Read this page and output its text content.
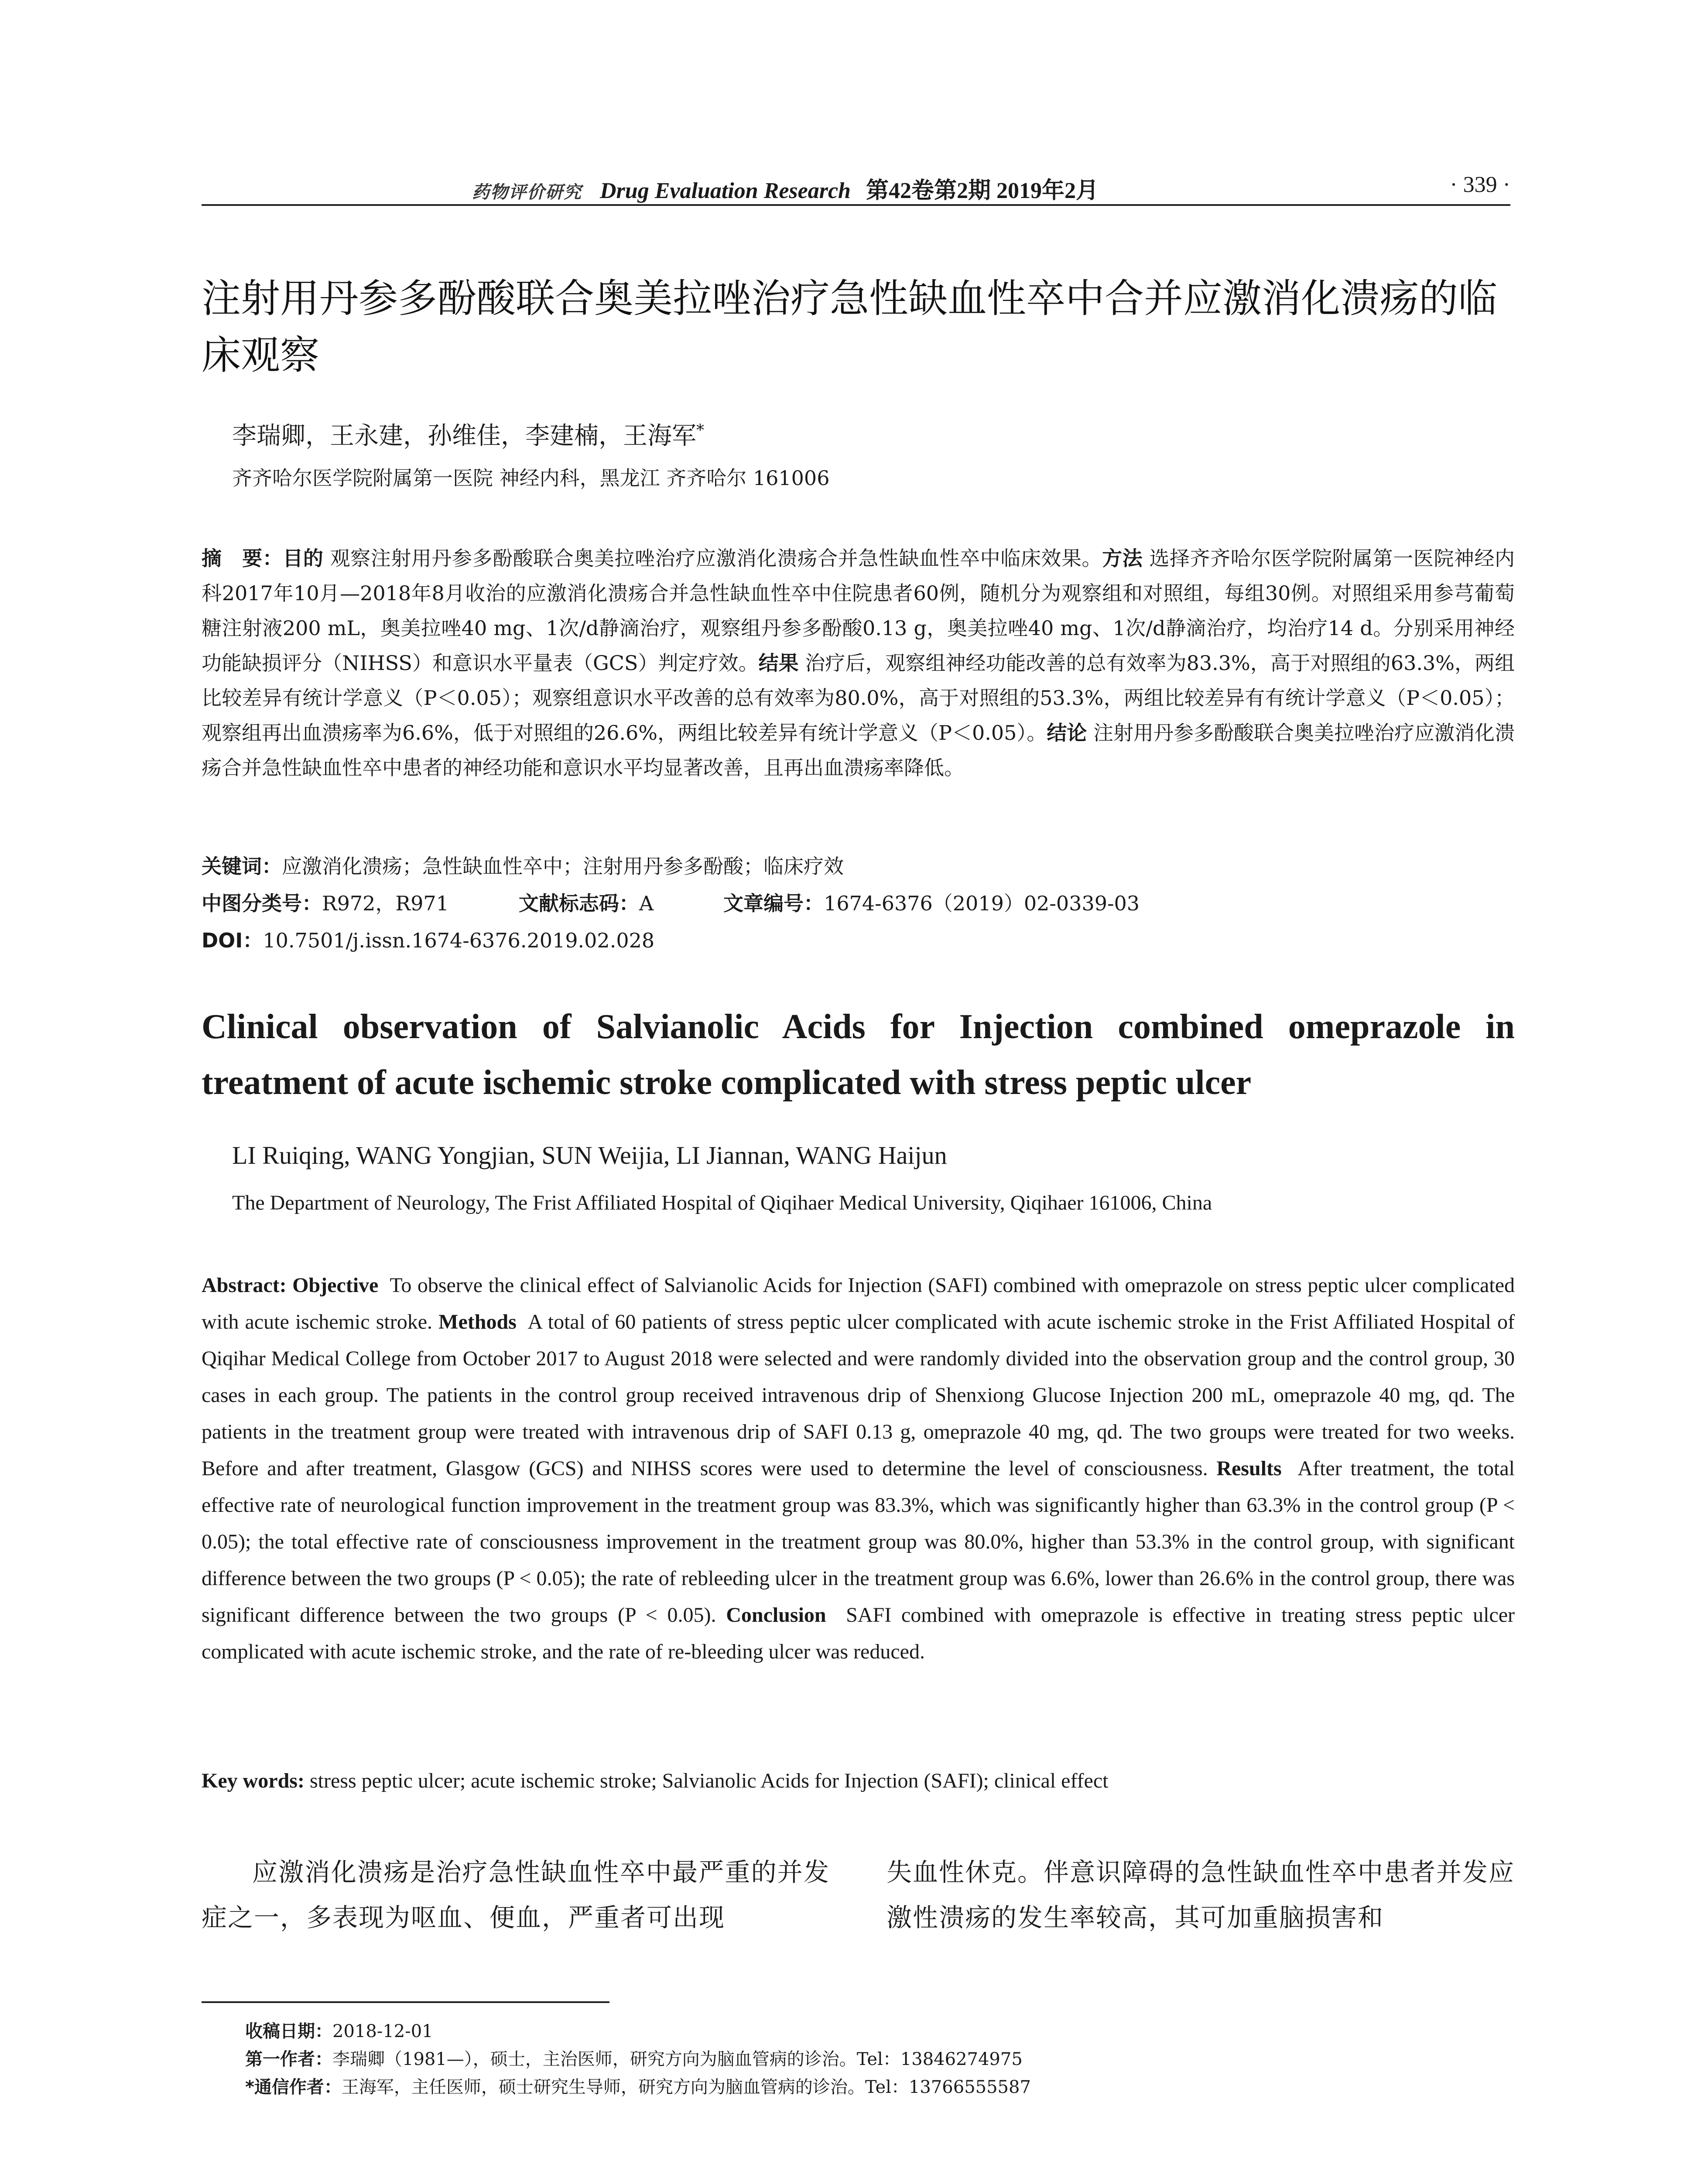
药物评价研究 Drug Evaluation Research 第42卷第2期 2019年2月	· 339 ·
注射用丹参多酚酸联合奥美拉唑治疗急性缺血性卒中合并应激消化溃疡的临床观察
李瑞卿，王永建，孙维佳，李建楠，王海军*
齐齐哈尔医学院附属第一医院 神经内科，黑龙江 齐齐哈尔 161006
摘　要：目的 观察注射用丹参多酚酸联合奥美拉唑治疗应激消化溃疡合并急性缺血性卒中临床效果。方法 选择齐齐哈尔医学院附属第一医院神经内科2017年10月—2018年8月收治的应激消化溃疡合并急性缺血性卒中住院患者60例，随机分为观察组和对照组，每组30例。对照组采用参芎葡萄糖注射液200 mL，奥美拉唑40 mg、1次/d静滴治疗，观察组丹参多酚酸0.13 g，奥美拉唑40 mg、1次/d静滴治疗，均治疗14 d。分别采用神经功能缺损评分（NIHSS）和意识水平量表（GCS）判定疗效。结果 治疗后，观察组神经功能改善的总有效率为83.3%，高于对照组的63.3%，两组比较差异有统计学意义（P＜0.05）；观察组意识水平改善的总有效率为80.0%，高于对照组的53.3%，两组比较差异有有统计学意义（P＜0.05）；观察组再出血溃疡率为6.6%，低于对照组的26.6%，两组比较差异有统计学意义（P＜0.05）。结论 注射用丹参多酚酸联合奥美拉唑治疗应激消化溃疡合并急性缺血性卒中患者的神经功能和意识水平均显著改善，且再出血溃疡率降低。
关键词：应激消化溃疡；急性缺血性卒中；注射用丹参多酚酸；临床疗效
中图分类号：R972，R971	文献标志码：A	文章编号：1674-6376（2019）02-0339-03
DOI：10.7501/j.issn.1674-6376.2019.02.028
Clinical observation of Salvianolic Acids for Injection combined omeprazole in treatment of acute ischemic stroke complicated with stress peptic ulcer
LI Ruiqing, WANG Yongjian, SUN Weijia, LI Jiannan, WANG Haijun
The Department of Neurology, The Frist Affiliated Hospital of Qiqihaer Medical University, Qiqihaer 161006, China
Abstract: Objective To observe the clinical effect of Salvianolic Acids for Injection (SAFI) combined with omeprazole on stress peptic ulcer complicated with acute ischemic stroke. Methods A total of 60 patients of stress peptic ulcer complicated with acute ischemic stroke in the Frist Affiliated Hospital of Qiqihar Medical College from October 2017 to August 2018 were selected and were randomly divided into the observation group and the control group, 30 cases in each group. The patients in the control group received intravenous drip of Shenxiong Glucose Injection 200 mL, omeprazole 40 mg, qd. The patients in the treatment group were treated with intravenous drip of SAFI 0.13 g, omeprazole 40 mg, qd. The two groups were treated for two weeks. Before and after treatment, Glasgow (GCS) and NIHSS scores were used to determine the level of consciousness. Results After treatment, the total effective rate of neurological function improvement in the treatment group was 83.3%, which was significantly higher than 63.3% in the control group (P < 0.05); the total effective rate of consciousness improvement in the treatment group was 80.0%, higher than 53.3% in the control group, with significant difference between the two groups (P < 0.05); the rate of rebleeding ulcer in the treatment group was 6.6%, lower than 26.6% in the control group, there was significant difference between the two groups (P < 0.05). Conclusion SAFI combined with omeprazole is effective in treating stress peptic ulcer complicated with acute ischemic stroke, and the rate of re-bleeding ulcer was reduced.
Key words: stress peptic ulcer; acute ischemic stroke; Salvianolic Acids for Injection (SAFI); clinical effect
应激消化溃疡是治疗急性缺血性卒中最严重的并发症之一，多表现为呕血、便血，严重者可出现
失血性休克。伴意识障碍的急性缺血性卒中患者并发应激性溃疡的发生率较高，其可加重脑损害和
收稿日期：2018-12-01
第一作者：李瑞卿（1981—），硕士，主治医师，研究方向为脑血管病的诊治。Tel：13846274975
*通信作者：王海军，主任医师，硕士研究生导师，研究方向为脑血管病的诊治。Tel：13766555587
